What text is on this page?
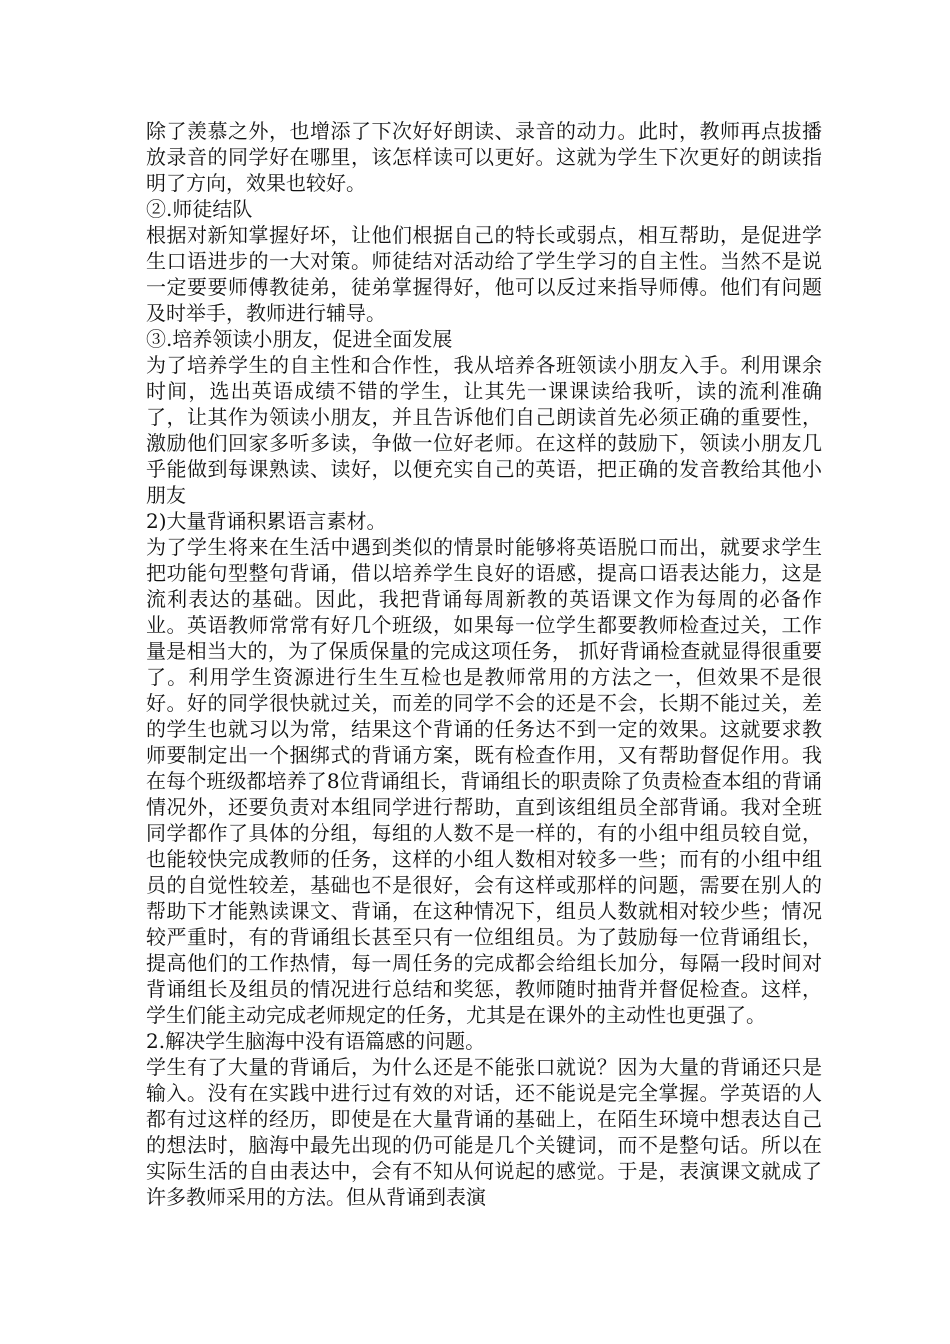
除了羡慕之外，也增添了下次好好朗读、录音的动力。此时，教师再点拔播放录音的同学好在哪里，该怎样读可以更好。这就为学生下次更好的朗读指明了方向，效果也较好。

②.师徒结队

根据对新知掌握好坏，让他们根据自己的特长或弱点，相互帮助，是促进学生口语进步的一大对策。师徒结对活动给了学生学习的自主性。当然不是说一定要要师傅教徒弟，徒弟掌握得好，他可以反过来指导师傅。他们有问题及时举手，教师进行辅导。

③.培养领读小朋友，促进全面发展

为了培养学生的自主性和合作性，我从培养各班领读小朋友入手。利用课余时间，选出英语成绩不错的学生，让其先一课课读给我听，读的流利准确了，让其作为领读小朋友，并且告诉他们自己朗读首先必须正确的重要性，激励他们回家多听多读，争做一位好老师。在这样的鼓励下，领读小朋友几乎能做到每课熟读、读好，以便充实自己的英语，把正确的发音教给其他小朋友

2)大量背诵积累语言素材。

为了学生将来在生活中遇到类似的情景时能够将英语脱口而出，就要求学生把功能句型整句背诵，借以培养学生良好的语感，提高口语表达能力，这是流利表达的基础。因此，我把背诵每周新教的英语课文作为每周的必备作业。英语教师常常有好几个班级，如果每一位学生都要教师检查过关，工作量是相当大的，为了保质保量的完成这项任务， 抓好背诵检查就显得很重要了。利用学生资源进行生生互检也是教师常用的方法之一，但效果不是很好。好的同学很快就过关，而差的同学不会的还是不会，长期不能过关，差的学生也就习以为常，结果这个背诵的任务达不到一定的效果。这就要求教师要制定出一个捆绑式的背诵方案，既有检查作用，又有帮助督促作用。我在每个班级都培养了8位背诵组长，背诵组长的职责除了负责检查本组的背诵情况外，还要负责对本组同学进行帮助，直到该组组员全部背诵。我对全班同学都作了具体的分组，每组的人数不是一样的，有的小组中组员较自觉，也能较快完成教师的任务，这样的小组人数相对较多一些；而有的小组中组员的自觉性较差，基础也不是很好，会有这样或那样的问题，需要在别人的帮助下才能熟读课文、背诵，在这种情况下，组员人数就相对较少些；情况较严重时，有的背诵组长甚至只有一位组组员。为了鼓励每一位背诵组长，提高他们的工作热情，每一周任务的完成都会给组长加分，每隔一段时间对背诵组长及组员的情况进行总结和奖惩，教师随时抽背并督促检查。这样，学生们能主动完成老师规定的任务，尤其是在课外的主动性也更强了。

2.解决学生脑海中没有语篇感的问题。

学生有了大量的背诵后，为什么还是不能张口就说？因为大量的背诵还只是输入。没有在实践中进行过有效的对话，还不能说是完全掌握。学英语的人都有过这样的经历，即使是在大量背诵的基础上，在陌生环境中想表达自己的想法时，脑海中最先出现的仍可能是几个关键词，而不是整句话。所以在实际生活的自由表达中，会有不知从何说起的感觉。于是，表演课文就成了许多教师采用的方法。但从背诵到表演
